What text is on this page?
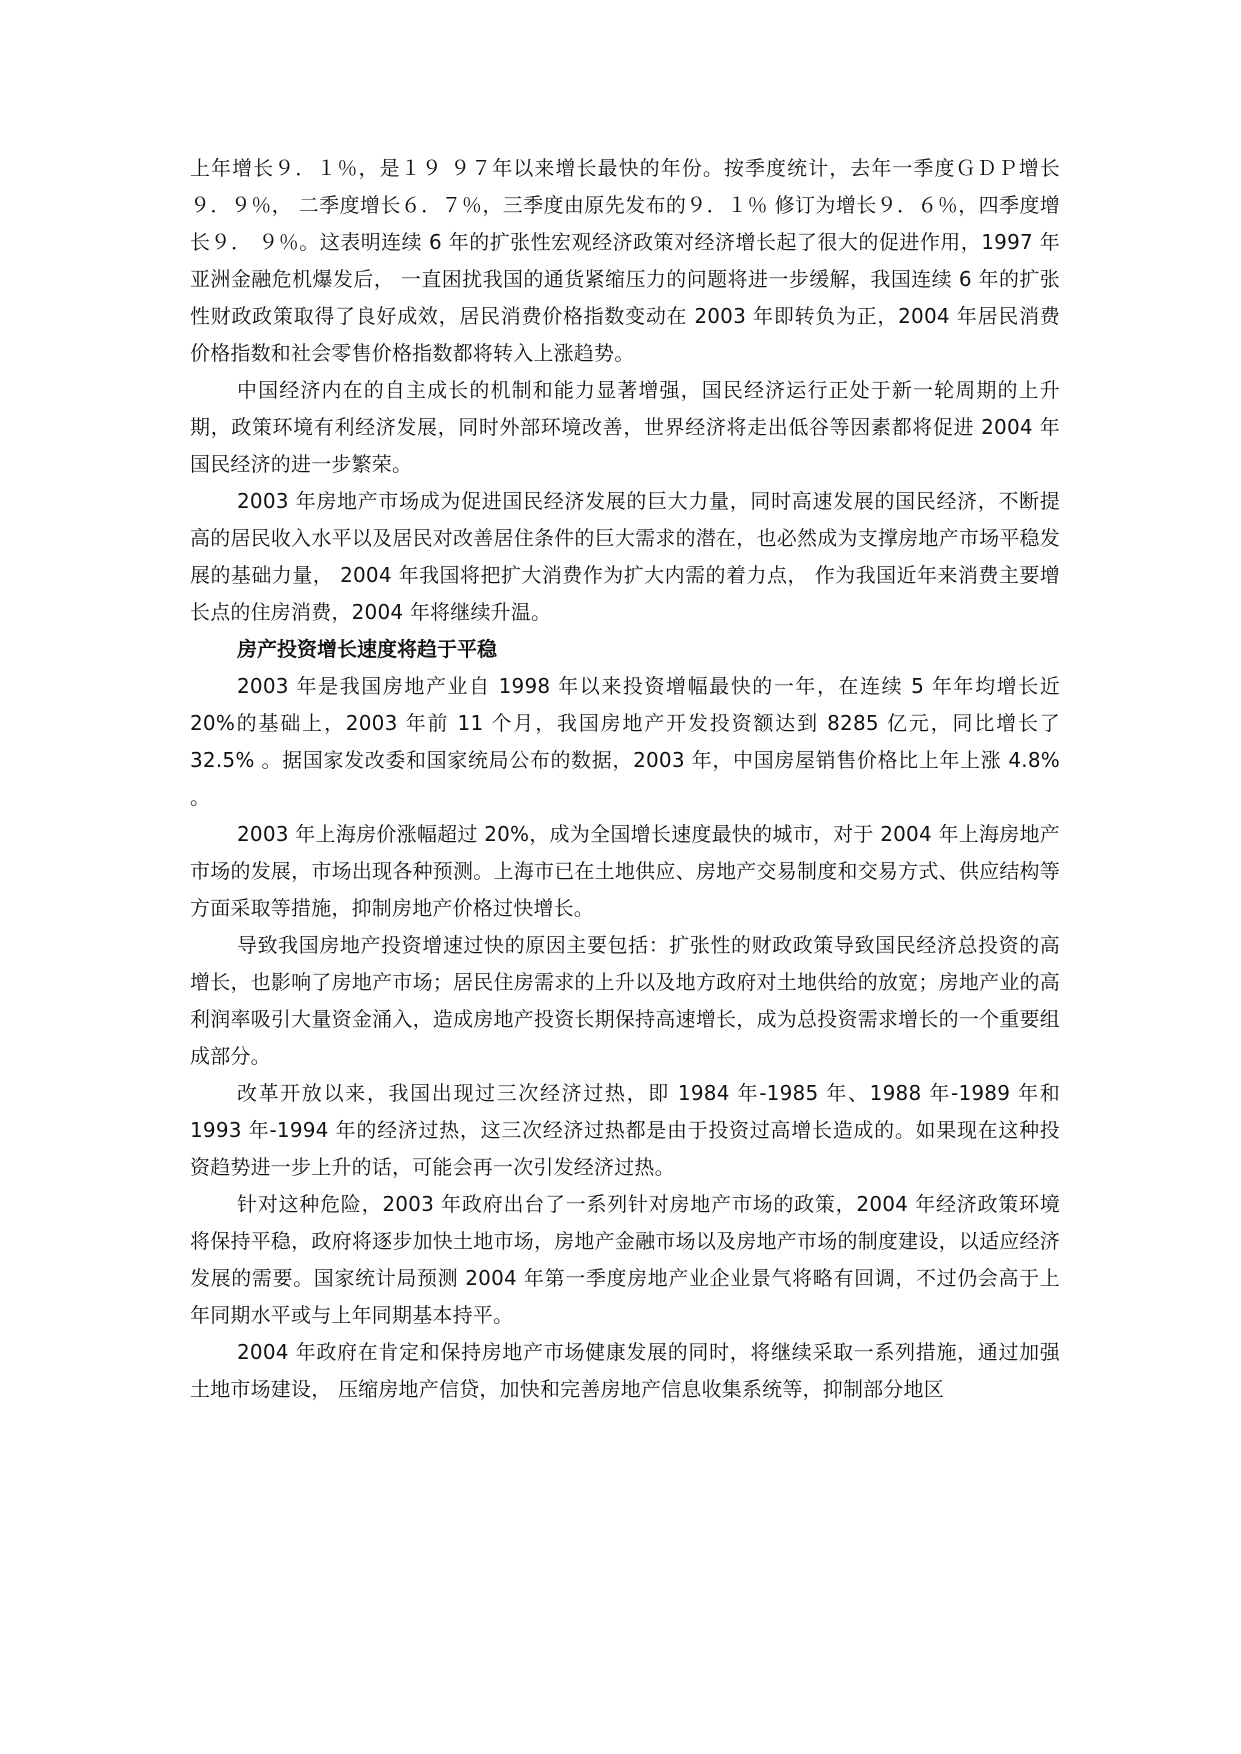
上年增长９．１％，是１９ ９７年以来增长最快的年份。按季度统计，去年一季度ＧＤＰ增长９．９％， 二季度增长６．７％，三季度由原先发布的９．１％ 修订为增长９．６％，四季度增长９． ９％。这表明连续 6 年的扩张性宏观经济政策对经济增长起了很大的促进作用，1997 年亚洲金融危机爆发后， 一直困扰我国的通货紧缩压力的问题将进一步缓解，我国连续 6 年的扩张性财政政策取得了良好成效，居民消费价格指数变动在 2003 年即转负为正，2004 年居民消费价格指数和社会零售价格指数都将转入上涨趋势。

中国经济内在的自主成长的机制和能力显著增强，国民经济运行正处于新一轮周期的上升期，政策环境有利经济发展，同时外部环境改善，世界经济将走出低谷等因素都将促进 2004 年国民经济的进一步繁荣。

2003 年房地产市场成为促进国民经济发展的巨大力量，同时高速发展的国民经济，不断提高的居民收入水平以及居民对改善居住条件的巨大需求的潜在，也必然成为支撑房地产市场平稳发展的基础力量， 2004 年我国将把扩大消费作为扩大内需的着力点， 作为我国近年来消费主要增长点的住房消费，2004 年将继续升温。

房产投资增长速度将趋于平稳

2003 年是我国房地产业自 1998 年以来投资增幅最快的一年，在连续 5 年年均增长近 20%的基础上，2003 年前 11 个月，我国房地产开发投资额达到 8285 亿元，同比增长了 32.5% 。据国家发改委和国家统局公布的数据，2003 年，中国房屋销售价格比上年上涨 4.8% 。

2003 年上海房价涨幅超过 20%，成为全国增长速度最快的城市，对于 2004 年上海房地产市场的发展，市场出现各种预测。上海市已在土地供应、房地产交易制度和交易方式、供应结构等方面采取等措施，抑制房地产价格过快增长。

导致我国房地产投资增速过快的原因主要包括：扩张性的财政政策导致国民经济总投资的高增长，也影响了房地产市场；居民住房需求的上升以及地方政府对土地供给的放宽；房地产业的高利润率吸引大量资金涌入，造成房地产投资长期保持高速增长，成为总投资需求增长的一个重要组成部分。

改革开放以来，我国出现过三次经济过热，即 1984 年-1985 年、1988 年-1989 年和 1993 年-1994 年的经济过热，这三次经济过热都是由于投资过高增长造成的。如果现在这种投资趋势进一步上升的话，可能会再一次引发经济过热。

针对这种危险，2003 年政府出台了一系列针对房地产市场的政策，2004 年经济政策环境将保持平稳，政府将逐步加快土地市场，房地产金融市场以及房地产市场的制度建设，以适应经济发展的需要。国家统计局预测 2004 年第一季度房地产业企业景气将略有回调，不过仍会高于上年同期水平或与上年同期基本持平。

2004 年政府在肯定和保持房地产市场健康发展的同时，将继续采取一系列措施，通过加强土地市场建设， 压缩房地产信贷，加快和完善房地产信息收集系统等，抑制部分地区
